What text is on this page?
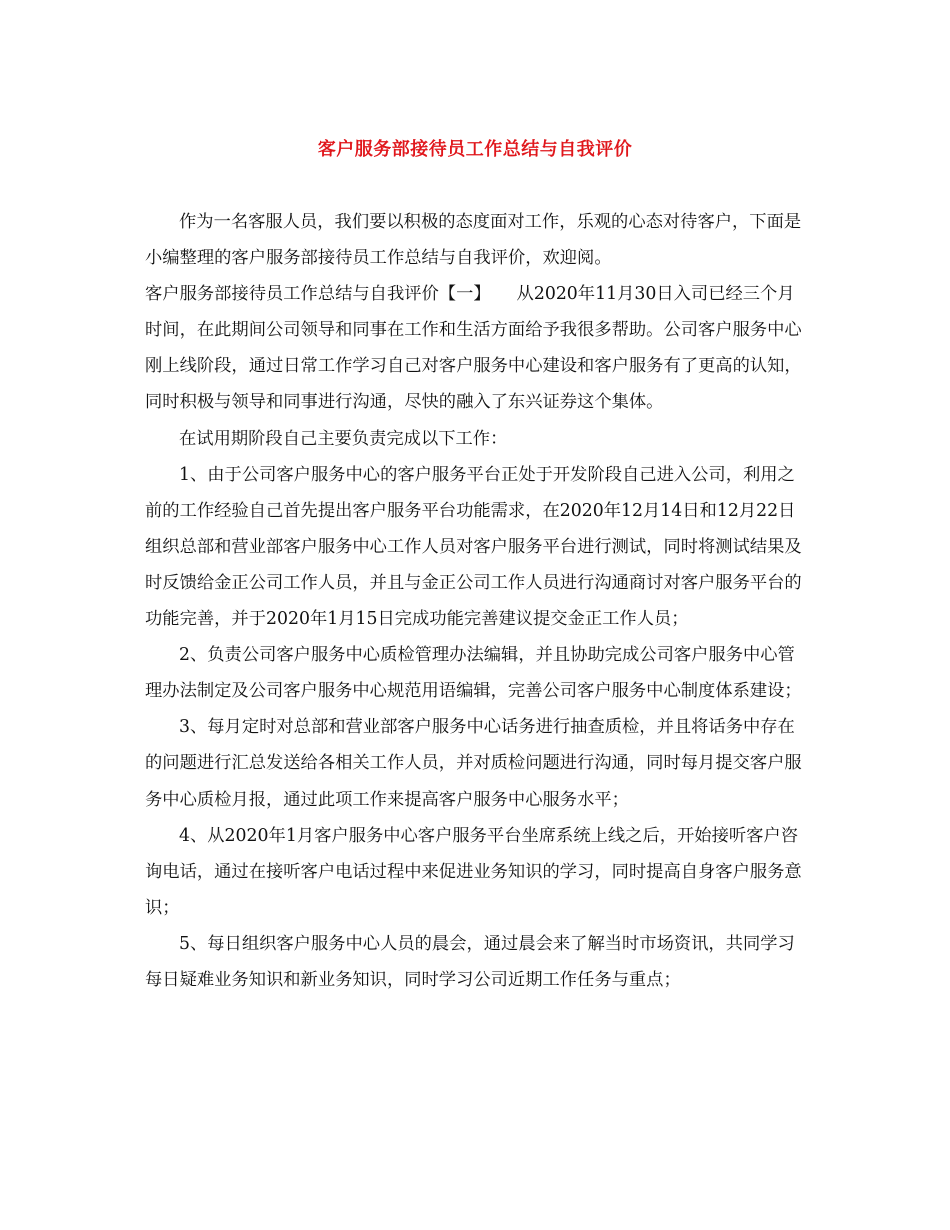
客户服务部接待员工作总结与自我评价

作为一名客服人员，我们要以积极的态度面对工作，乐观的心态对待客户，下面是小编整理的客户服务部接待员工作总结与自我评价，欢迎阅。

客户服务部接待员工作总结与自我评价【一】　　从2020年11月30日入司已经三个月时间，在此期间公司领导和同事在工作和生活方面给予我很多帮助。公司客户服务中心刚上线阶段，通过日常工作学习自己对客户服务中心建设和客户服务有了更高的认知，同时积极与领导和同事进行沟通，尽快的融入了东兴证券这个集体。

在试用期阶段自己主要负责完成以下工作：

1、由于公司客户服务中心的客户服务平台正处于开发阶段自己进入公司，利用之前的工作经验自己首先提出客户服务平台功能需求，在2020年12月14日和12月22日组织总部和营业部客户服务中心工作人员对客户服务平台进行测试，同时将测试结果及时反馈给金正公司工作人员，并且与金正公司工作人员进行沟通商讨对客户服务平台的功能完善，并于2020年1月15日完成功能完善建议提交金正工作人员；

2、负责公司客户服务中心质检管理办法编辑，并且协助完成公司客户服务中心管理办法制定及公司客户服务中心规范用语编辑，完善公司客户服务中心制度体系建设；

3、每月定时对总部和营业部客户服务中心话务进行抽查质检，并且将话务中存在的问题进行汇总发送给各相关工作人员，并对质检问题进行沟通，同时每月提交客户服务中心质检月报，通过此项工作来提高客户服务中心服务水平；

4、从2020年1月客户服务中心客户服务平台坐席系统上线之后，开始接听客户咨询电话，通过在接听客户电话过程中来促进业务知识的学习，同时提高自身客户服务意识；

5、每日组织客户服务中心人员的晨会，通过晨会来了解当时市场资讯，共同学习每日疑难业务知识和新业务知识，同时学习公司近期工作任务与重点；
